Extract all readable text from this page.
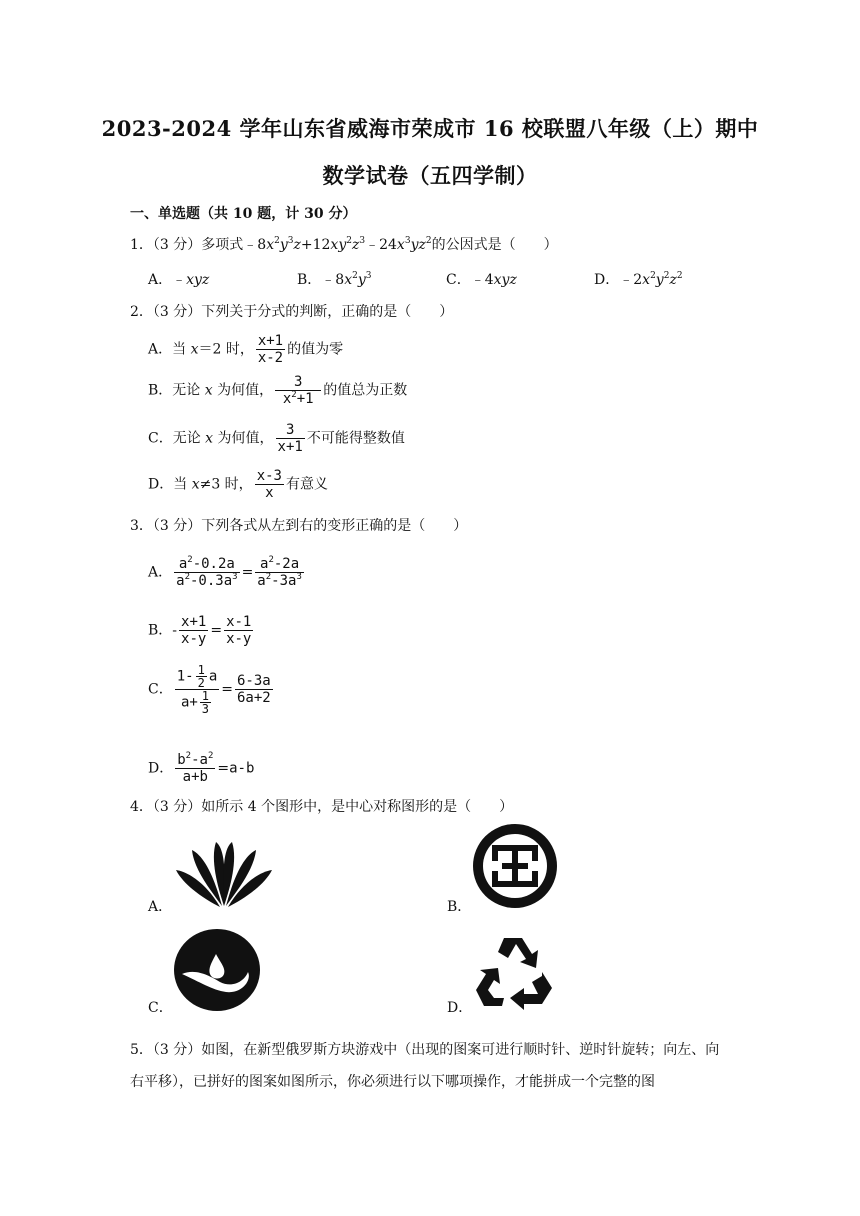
2023-2024 学年山东省威海市荣成市 16 校联盟八年级（上）期中
数学试卷（五四学制）
一、单选题（共 10 题，计 30 分）
1．（3 分）多项式$﹣8x^2y^3z+12xy^2z^3﹣24x^3yz^2$的公因式是（　　）
A．﹣xyz	B．$﹣8x^2y^3$	C．﹣4xyz	D．$﹣2x^2y^2z^2$
2．（3 分）下列关于分式的判断，正确的是（　　）
A．当 x＝2 时， $\frac{x+1}{x-2}$ 的值为零
B．无论 x 为何值， $\frac{3}{x^2+1}$ 的值总为正数
C．无论 x 为何值， $\frac{3}{x+1}$ 不可能得整数值
D．当 x≠3 时， $\frac{x-3}{x}$ 有意义
3．（3 分）下列各式从左到右的变形正确的是（　　）
A． $\frac{a^2-0.2a}{a^2-0.3a^3} = \frac{a^2-2a}{a^2-3a^3}$
B．- $\frac{x+1}{x-y} = \frac{x-1}{x-y}$
C． $\frac{1- \frac{1}{2} a}{a+ \frac{1}{3}} = \frac{6-3a}{6a+2}$
D． $\frac{b^2-a^2}{a+b} =a-b$
4．（3 分）如所示 4 个图形中，是中心对称图形的是（　　）
A．	B．
C．	D．
5．（3 分）如图，在新型俄罗斯方块游戏中（出现的图案可进行顺时针、逆时针旋转；向左、向右平移），已拼好的图案如图所示，你必须进行以下哪项操作，才能拼成一个完整的图
